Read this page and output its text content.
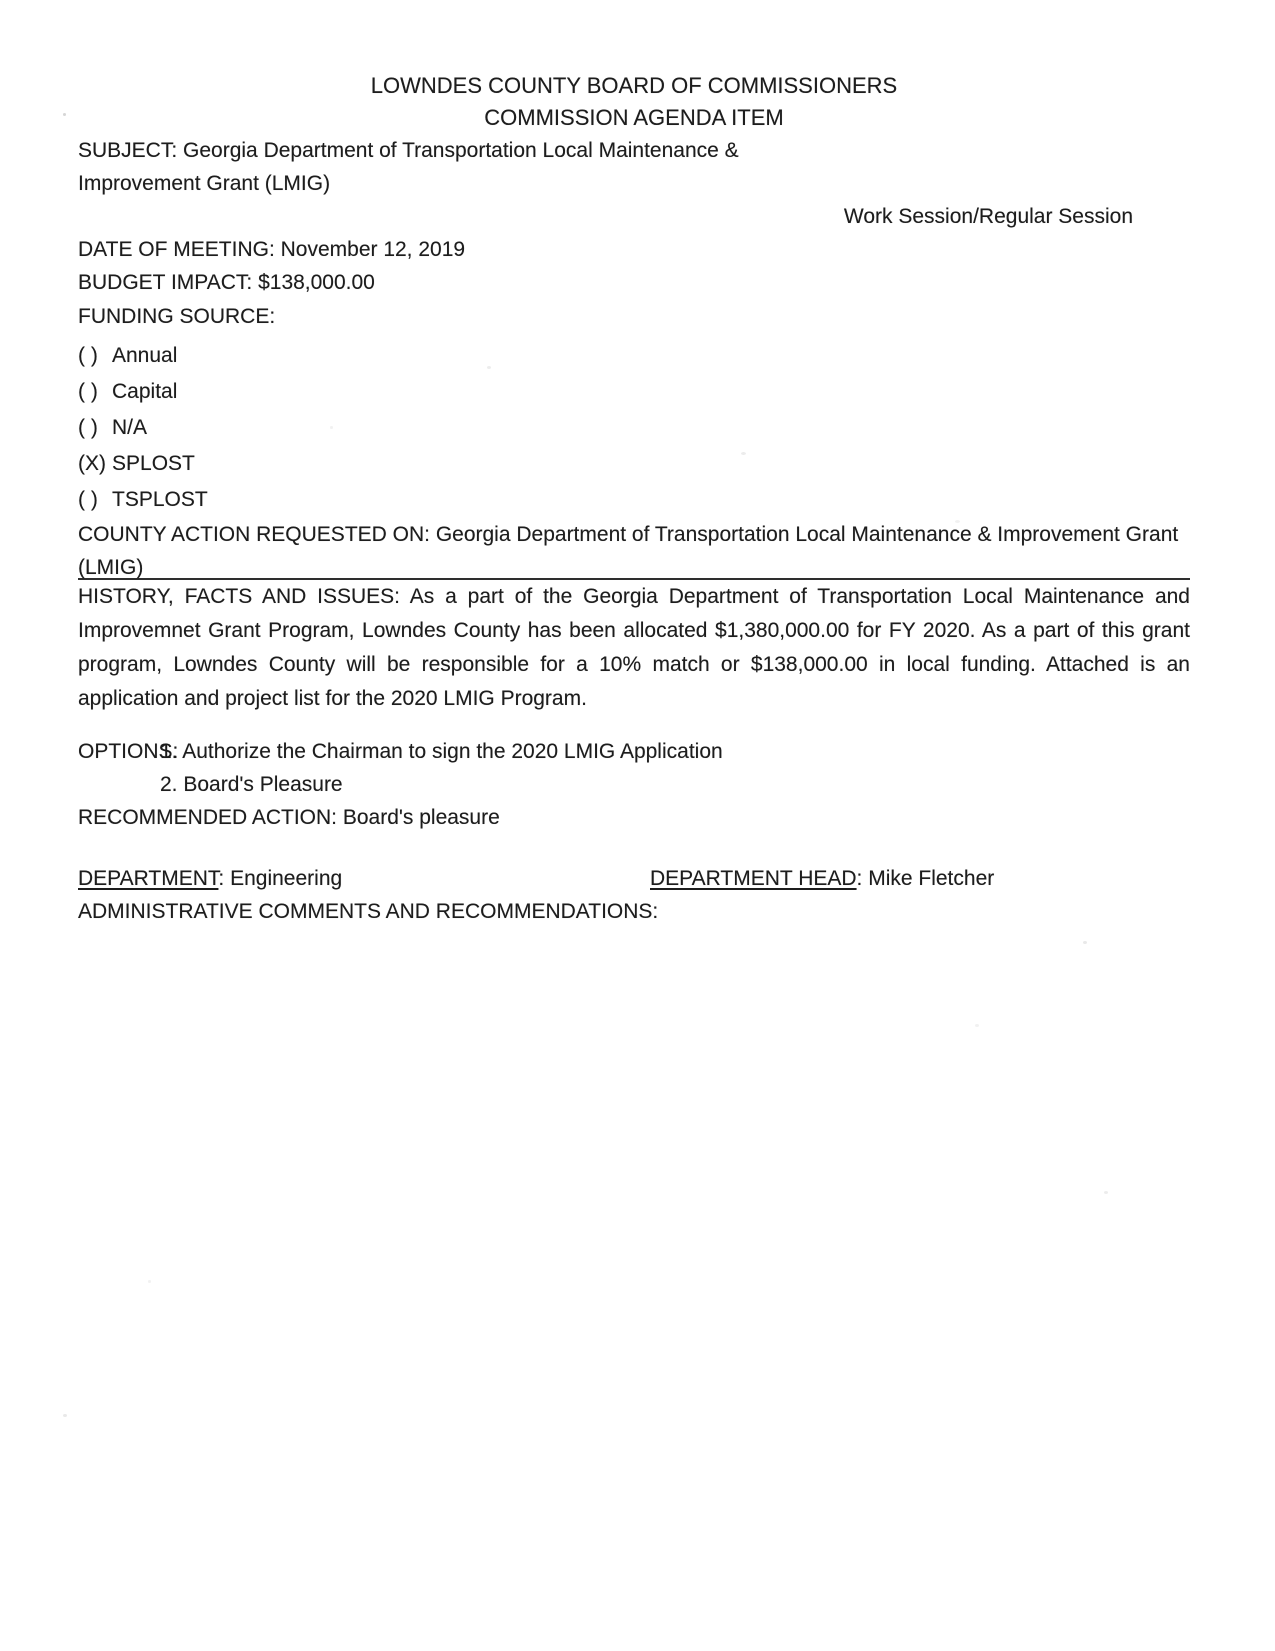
LOWNDES COUNTY BOARD OF COMMISSIONERS
COMMISSION AGENDA ITEM

SUBJECT: Georgia Department of Transportation Local Maintenance & Improvement Grant (LMIG)

Work Session/Regular Session

DATE OF MEETING: November 12, 2019

BUDGET IMPACT: $138,000.00

FUNDING SOURCE:

( ) Annual
( ) Capital
( ) N/A
(X) SPLOST
( ) TSPLOST

COUNTY ACTION REQUESTED ON: Georgia Department of Transportation Local Maintenance & Improvement Grant (LMIG)

HISTORY, FACTS AND ISSUES: As a part of the Georgia Department of Transportation Local Maintenance and Improvemnet Grant Program, Lowndes County has been allocated $1,380,000.00 for FY 2020. As a part of this grant program, Lowndes County will be responsible for a 10% match or $138,000.00 in local funding. Attached is an application and project list for the 2020 LMIG Program.

OPTIONS:
1. Authorize the Chairman to sign the 2020 LMIG Application
2. Board's Pleasure

RECOMMENDED ACTION: Board's pleasure

DEPARTMENT: Engineering	DEPARTMENT HEAD: Mike Fletcher

ADMINISTRATIVE COMMENTS AND RECOMMENDATIONS:
